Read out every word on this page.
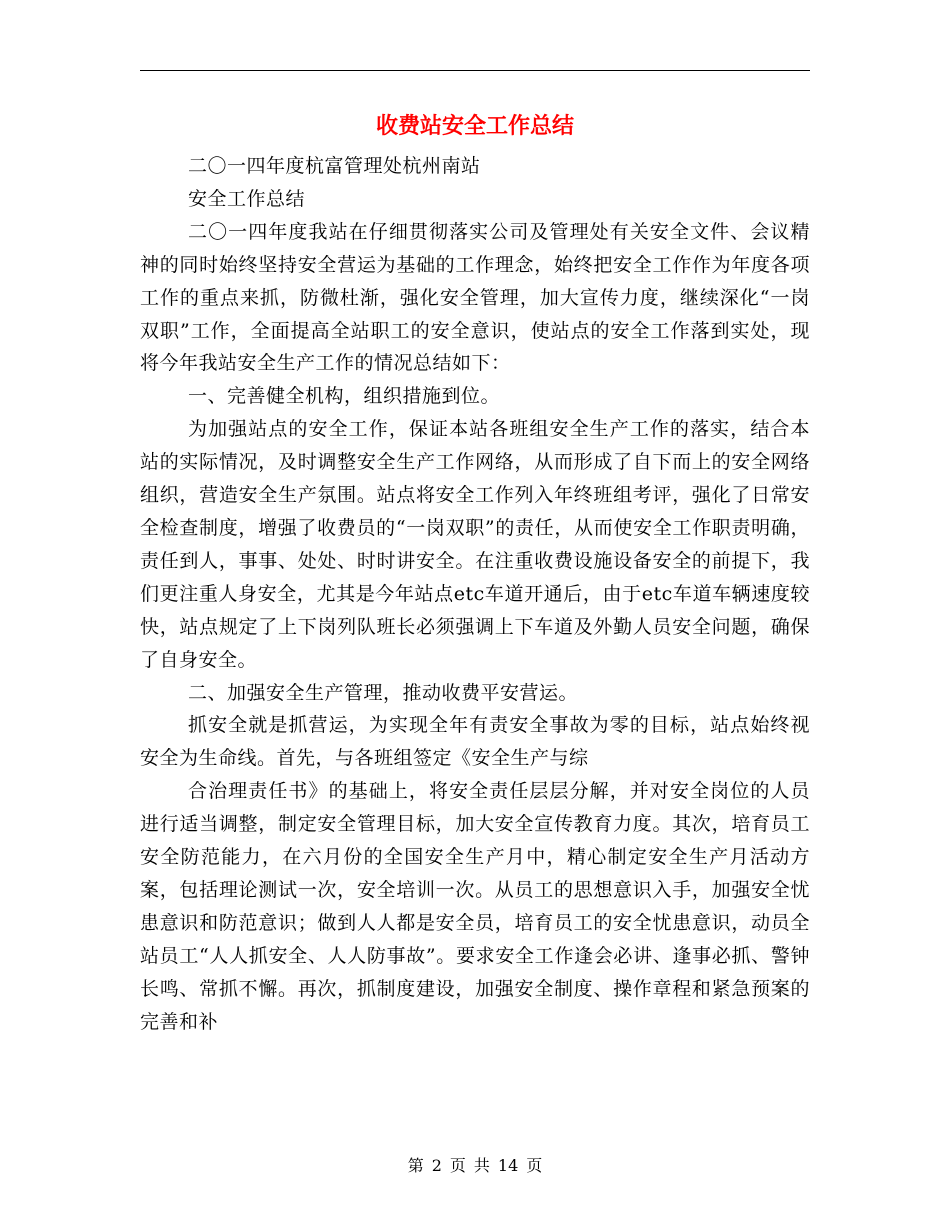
收费站安全工作总结

二〇一四年度杭富管理处杭州南站

安全工作总结

二〇一四年度我站在仔细贯彻落实公司及管理处有关安全文件、会议精神的同时始终坚持安全营运为基础的工作理念，始终把安全工作作为年度各项工作的重点来抓，防微杜渐，强化安全管理，加大宣传力度，继续深化“一岗双职”工作，全面提高全站职工的安全意识，使站点的安全工作落到实处，现将今年我站安全生产工作的情况总结如下：

一、完善健全机构，组织措施到位。

为加强站点的安全工作，保证本站各班组安全生产工作的落实，结合本站的实际情况，及时调整安全生产工作网络，从而形成了自下而上的安全网络组织，营造安全生产氛围。站点将安全工作列入年终班组考评，强化了日常安全检查制度，增强了收费员的“一岗双职”的责任，从而使安全工作职责明确，责任到人，事事、处处、时时讲安全。在注重收费设施设备安全的前提下，我们更注重人身安全，尤其是今年站点etc车道开通后，由于etc车道车辆速度较快，站点规定了上下岗列队班长必须强调上下车道及外勤人员安全问题，确保了自身安全。

二、加强安全生产管理，推动收费平安营运。

抓安全就是抓营运，为实现全年有责安全事故为零的目标，站点始终视安全为生命线。首先，与各班组签定《安全生产与综

合治理责任书》的基础上，将安全责任层层分解，并对安全岗位的人员进行适当调整，制定安全管理目标，加大安全宣传教育力度。其次，培育员工安全防范能力，在六月份的全国安全生产月中，精心制定安全生产月活动方案，包括理论测试一次，安全培训一次。从员工的思想意识入手，加强安全忧患意识和防范意识；做到人人都是安全员，培育员工的安全忧患意识，动员全站员工“人人抓安全、人人防事故”。要求安全工作逢会必讲、逢事必抓、警钟长鸣、常抓不懈。再次，抓制度建设，加强安全制度、操作章程和紧急预案的完善和补

第 2 页 共 14 页
